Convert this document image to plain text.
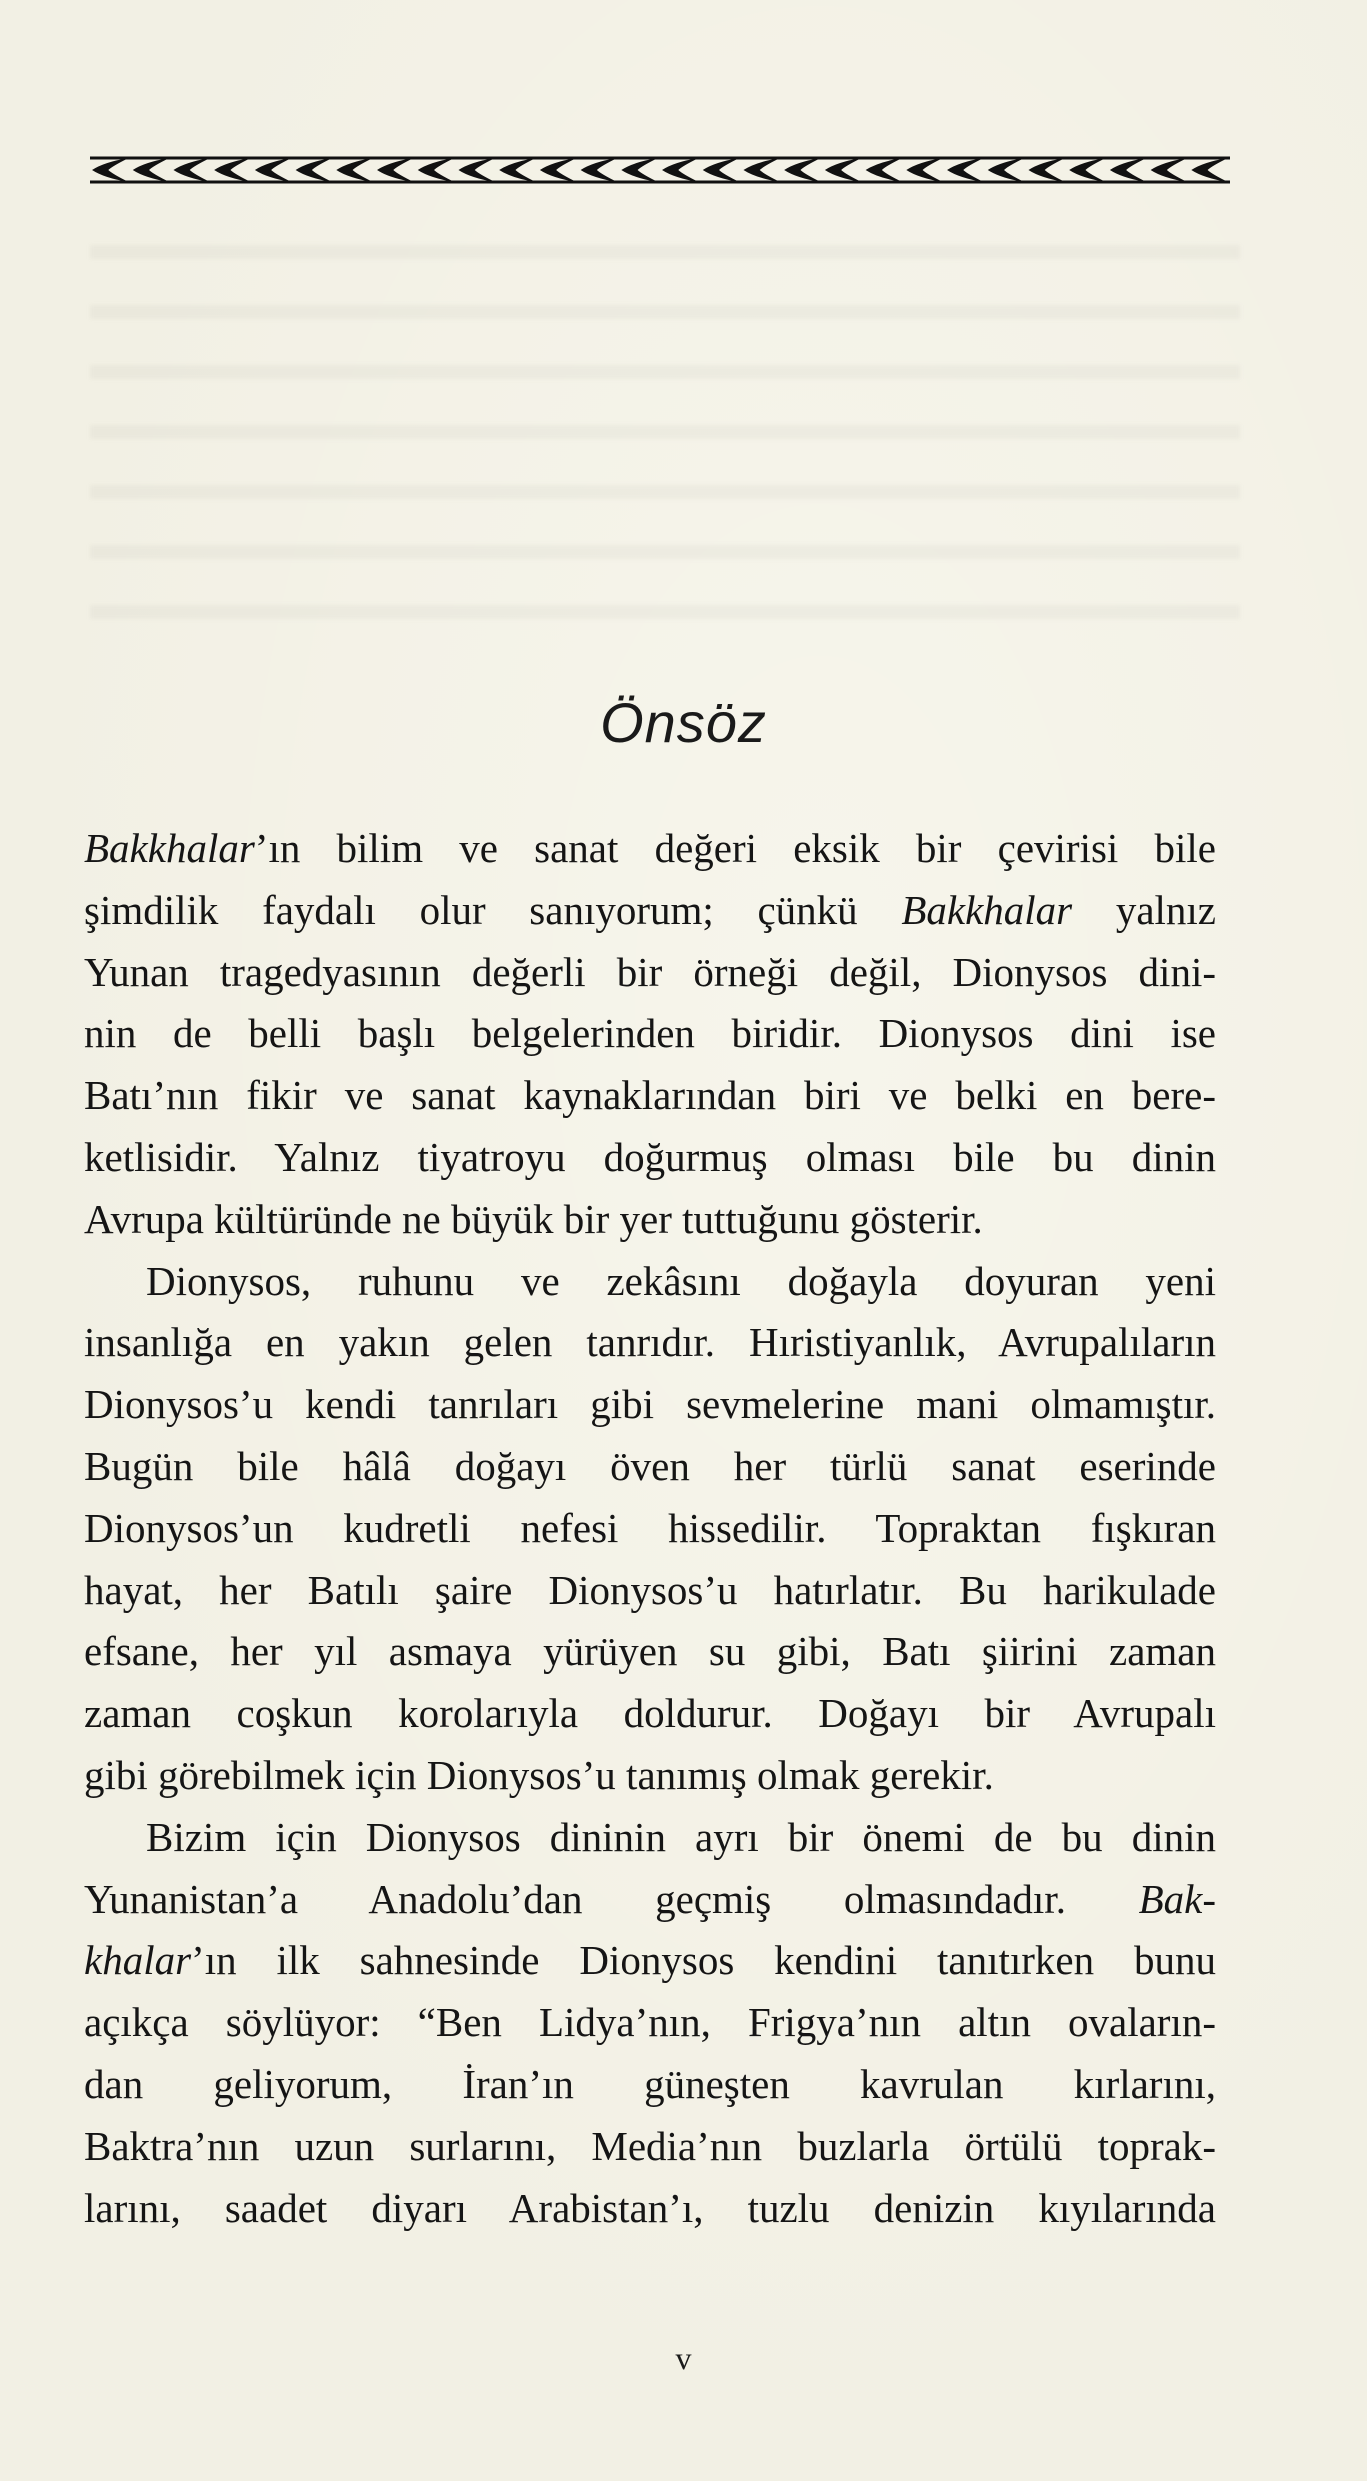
Önsöz
Bakkhalar’ın bilim ve sanat değeri eksik bir çevirisi bile
şimdilik faydalı olur sanıyorum; çünkü Bakkhalar yalnız
Yunan tragedyasının değerli bir örneği değil, Dionysos dini-
nin de belli başlı belgelerinden biridir. Dionysos dini ise
Batı’nın fikir ve sanat kaynaklarından biri ve belki en bere-
ketlisidir. Yalnız tiyatroyu doğurmuş olması bile bu dinin
Avrupa kültüründe ne büyük bir yer tuttuğunu gösterir.
Dionysos, ruhunu ve zekâsını doğayla doyuran yeni
insanlığa en yakın gelen tanrıdır. Hıristiyanlık, Avrupalıların
Dionysos’u kendi tanrıları gibi sevmelerine mani olmamıştır.
Bugün bile hâlâ doğayı öven her türlü sanat eserinde
Dionysos’un kudretli nefesi hissedilir. Topraktan fışkıran
hayat, her Batılı şaire Dionysos’u hatırlatır. Bu harikulade
efsane, her yıl asmaya yürüyen su gibi, Batı şiirini zaman
zaman coşkun korolarıyla doldurur. Doğayı bir Avrupalı
gibi görebilmek için Dionysos’u tanımış olmak gerekir.
Bizim için Dionysos dininin ayrı bir önemi de bu dinin
Yunanistan’a Anadolu’dan geçmiş olmasındadır. Bak-
khalar’ın ilk sahnesinde Dionysos kendini tanıtırken bunu
açıkça söylüyor: “Ben Lidya’nın, Frigya’nın altın ovaların-
dan geliyorum, İran’ın güneşten kavrulan kırlarını,
Baktra’nın uzun surlarını, Media’nın buzlarla örtülü toprak-
larını, saadet diyarı Arabistan’ı, tuzlu denizin kıyılarında
v
